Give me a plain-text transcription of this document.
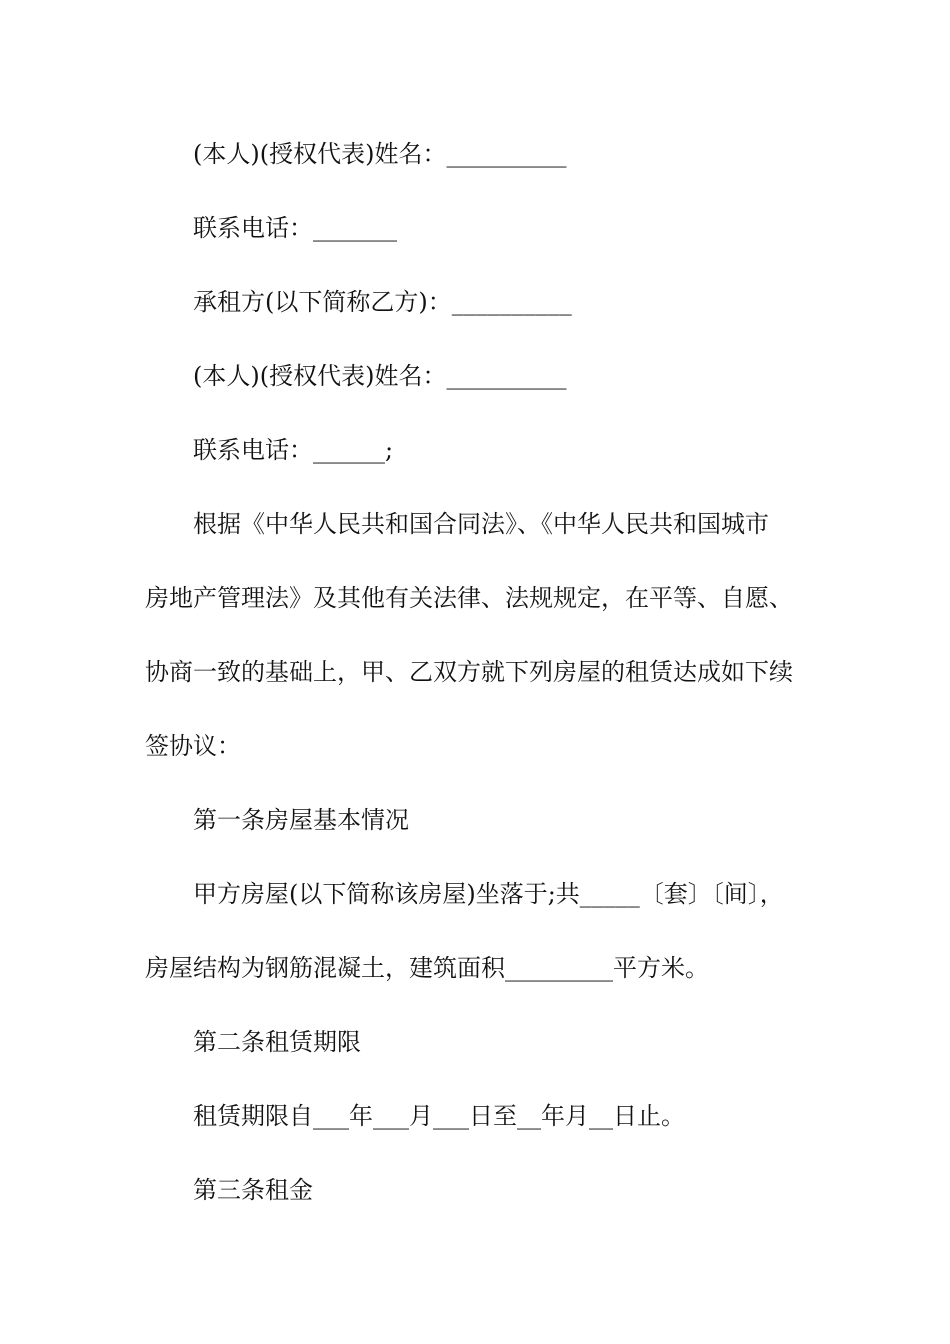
(本人)(授权代表)姓名：__________
联系电话：_______
承租方(以下简称乙方)：__________
(本人)(授权代表)姓名：__________
联系电话：______;
根据《中华人民共和国合同法》、《中华人民共和国城市
房地产管理法》及其他有关法律、法规规定，在平等、自愿、
协商一致的基础上，甲、乙双方就下列房屋的租赁达成如下续
签协议：
第一条房屋基本情况
甲方房屋(以下简称该房屋)坐落于;共_____〔套〕〔间〕，
房屋结构为钢筋混凝土，建筑面积_________平方米。
第二条租赁期限
租赁期限自___年___月___日至__年月__日止。
第三条租金
